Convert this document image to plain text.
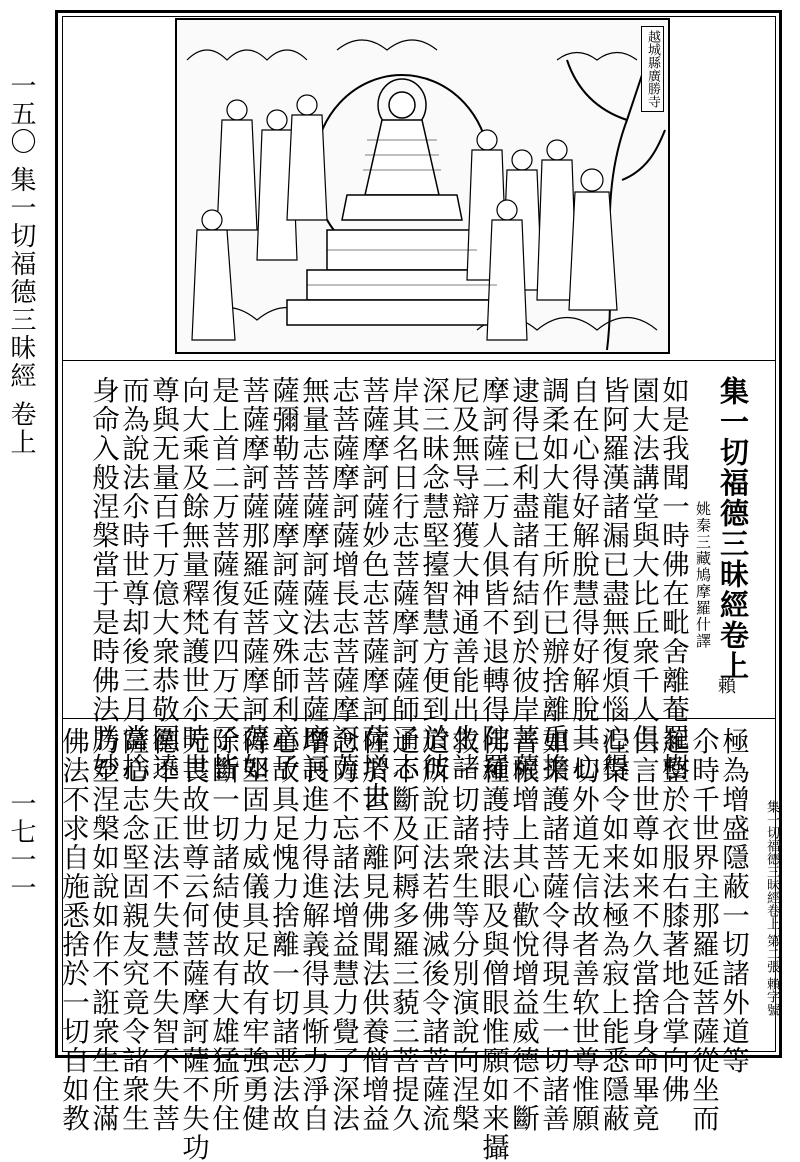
一五〇 集一切福德三昧經 卷上
一七一一
越城縣廣勝寺
集一切福德三昧經卷上
姚秦三藏鳩摩羅什譯
如是我聞一時佛在毗舍離菴羅樹
園大法講堂與大比丘衆千人俱
皆阿羅漢諸漏已盡無復煩惱心得
自在心得好解脫慧得好解脫其心
調柔如大龍王所作已辦捨離重擔
逮得已利盡諸有結到於彼岸菩薩
摩訶薩二万人俱皆不退轉得陀羅
尼及無导辯獲大神通善能出生諸
深三昧念慧堅擡智慧方便到於彼
岸其名日行志菩薩摩訶薩師子志
菩薩摩訶薩妙色志菩薩摩訶薩增去
志菩薩摩訶薩增長志菩薩摩訶薩
無量志菩薩摩訶薩法志菩薩摩訶
薩彌勒菩薩摩訶薩文殊師利童子
菩薩摩訶薩那羅延菩薩摩訶薩如
是上首二万菩薩復有四万天子皆
向大乘及餘無量釋梵護世尒時世
尊與无量百千万億大衆恭敬圍遶
而為說法尒時世尊却後三月當捨
身命入般涅槃當于是時佛法勝妙	賴
極為增盛隱蔽一切諸外道等
尒時千世界主那羅延菩薩從坐而
起整於衣服右膝著地合掌向佛
白言世尊如来不久當捨身命畢竟
涅槃令如来法極為寂上能悉隱蔽
一切外道无信故者善软世尊惟願
如来護諸菩薩令得現生一切諸善
善根增上其心歡悅增益威德不斷
佛種護持法眼及與僧眼惟願如来攝
救一切諸衆生等分別演說向涅槃
道所說正法若佛滅後令諸菩薩流
通不斷及阿耨多羅三藐三菩提久
住於世不離見佛聞法供養僧增益
念力不忘諸法增益慧力覺了深法
增長進力得進解義得具惭力淨自
心故具足愧力捨離一切諸恶法故
得堅固力威儀具足故有牢強勇健
除斷一切諸結使故有大雄猛所住
无畏故世尊云何菩薩摩訶薩不失功
德不失正法不失慧不失智不失菩
薩心志念堅固親友究竟令諸衆生
乃至涅槃如說如作不誑衆生住滿
佛法不求自施悉捨於一切自如教	集一切福德三昧經卷上 第二張 賴字號
